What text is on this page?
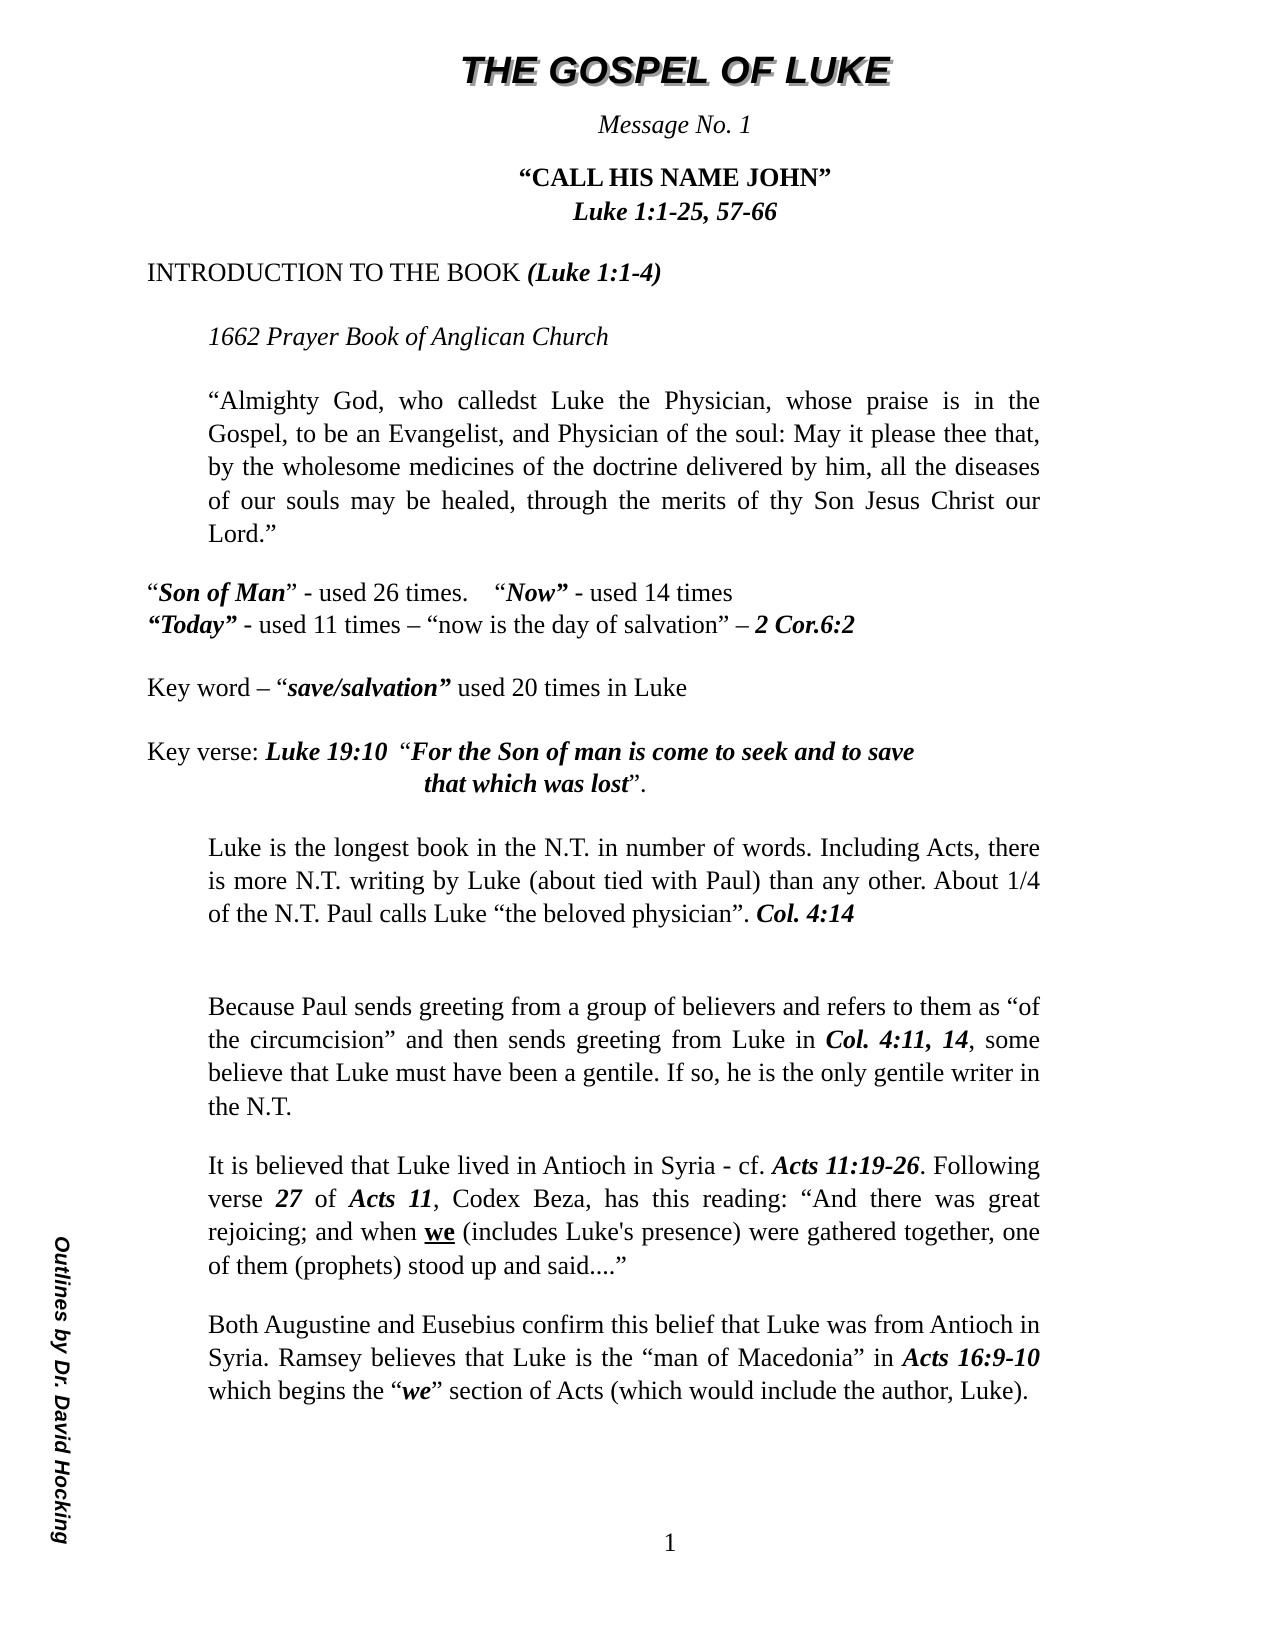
THE GOSPEL OF LUKE
Message No. 1
“CALL HIS NAME JOHN”
Luke 1:1-25, 57-66
INTRODUCTION TO THE BOOK (Luke 1:1-4)
1662 Prayer Book of Anglican Church
“Almighty God, who calledst Luke the Physician, whose praise is in the Gospel, to be an Evangelist, and Physician of the soul: May it please thee that, by the wholesome medicines of the doctrine delivered by him, all the diseases of our souls may be healed, through the merits of thy Son Jesus Christ our Lord.”
“Son of Man” - used 26 times. “Now” - used 14 times
“Today” - used 11 times – “now is the day of salvation” – 2 Cor.6:2
Key word – “save/salvation” used 20 times in Luke
Key verse: Luke 19:10 “For the Son of man is come to seek and to save
that which was lost”.
Luke is the longest book in the N.T. in number of words. Including Acts, there is more N.T. writing by Luke (about tied with Paul) than any other. About 1/4 of the N.T. Paul calls Luke “the beloved physician”. Col. 4:14
Because Paul sends greeting from a group of believers and refers to them as “of the circumcision” and then sends greeting from Luke in Col. 4:11, 14, some believe that Luke must have been a gentile. If so, he is the only gentile writer in the N.T.
It is believed that Luke lived in Antioch in Syria - cf. Acts 11:19-26. Following verse 27 of Acts 11, Codex Beza, has this reading: “And there was great rejoicing; and when we (includes Luke's presence) were gathered together, one of them (prophets) stood up and said....”
Both Augustine and Eusebius confirm this belief that Luke was from Antioch in Syria. Ramsey believes that Luke is the “man of Macedonia” in Acts 16:9-10 which begins the “we” section of Acts (which would include the author, Luke).
Outlines by Dr. David Hocking	1
